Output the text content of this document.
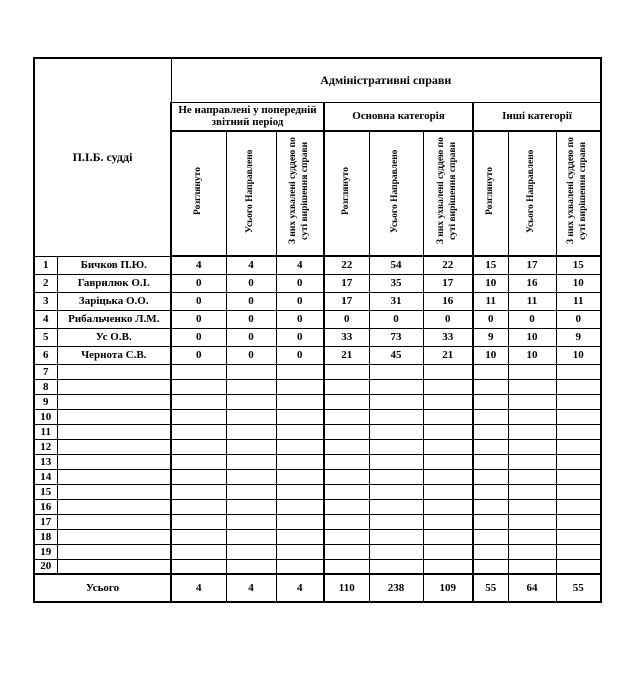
П.І.Б. судді		Адміністративні справи								
		Не направлені у попередній звітний період			Основна категорія			Інші категорії		
		Розглянуто	Усього Направлено	З них ухвалені суддею по суті вирішення справи	Розглянуто	Усього Направлено	З них ухвалені суддею по суті вирішення справи	Розглянуто	Усього Направлено	З них ухвалені суддею по суті вирішення справи
1	Бичков П.Ю.	4	4	4	22	54	22	15	17	15
2	Гаврилюк О.І.	0	0	0	17	35	17	10	16	10
3	Заріцька О.О.	0	0	0	17	31	16	11	11	11
4	Рибальченко Л.М.	0	0	0	0	0	0	0	0	0
5	Ус О.В.	0	0	0	33	73	33	9	10	9
6	Чернота С.В.	0	0	0	21	45	21	10	10	10
7										
8										
9										
10										
11										
12										
13										
14										
15										
16										
17										
18										
19										
20										
Усього		4	4	4	110	238	109	55	64	55
